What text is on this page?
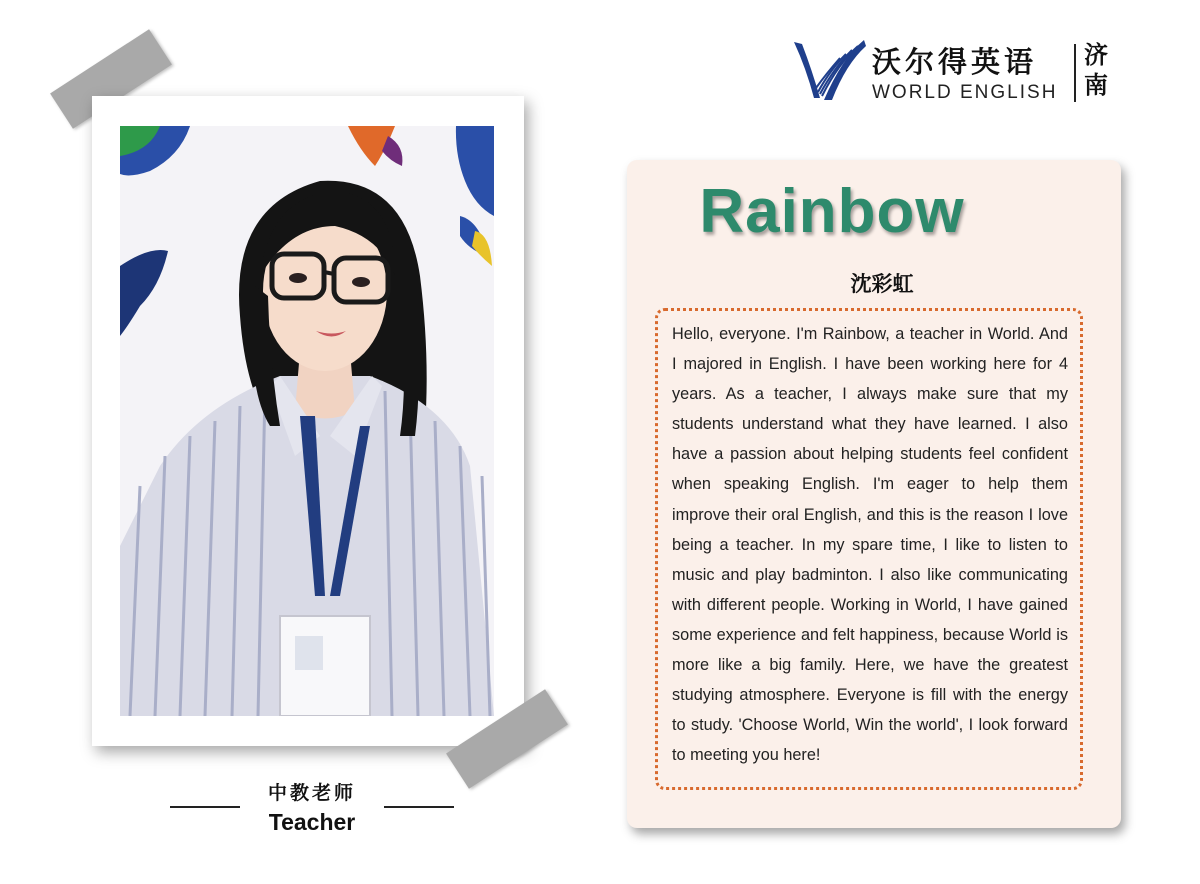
中教老师
Teacher
沃尔得英语
WORLD ENGLISH
济南
Rainbow
沈彩虹

Hello, everyone. I'm Rainbow, a teacher in World. And I majored in English. I have been working here for 4 years. As a teacher, I always make sure that my students understand what they have learned. I also have a passion about helping students feel confident when speaking English. I'm eager to help them improve their oral English, and this is the reason I love being a teacher. In my spare time, I like to listen to music and play badminton. I also like communicating with different people. Working in World, I have gained some experience and felt happiness, because World is more like a big family. Here, we have the greatest studying atmosphere. Everyone is fill with the energy to study. 'Choose World, Win the world', I look forward to meeting you here!
